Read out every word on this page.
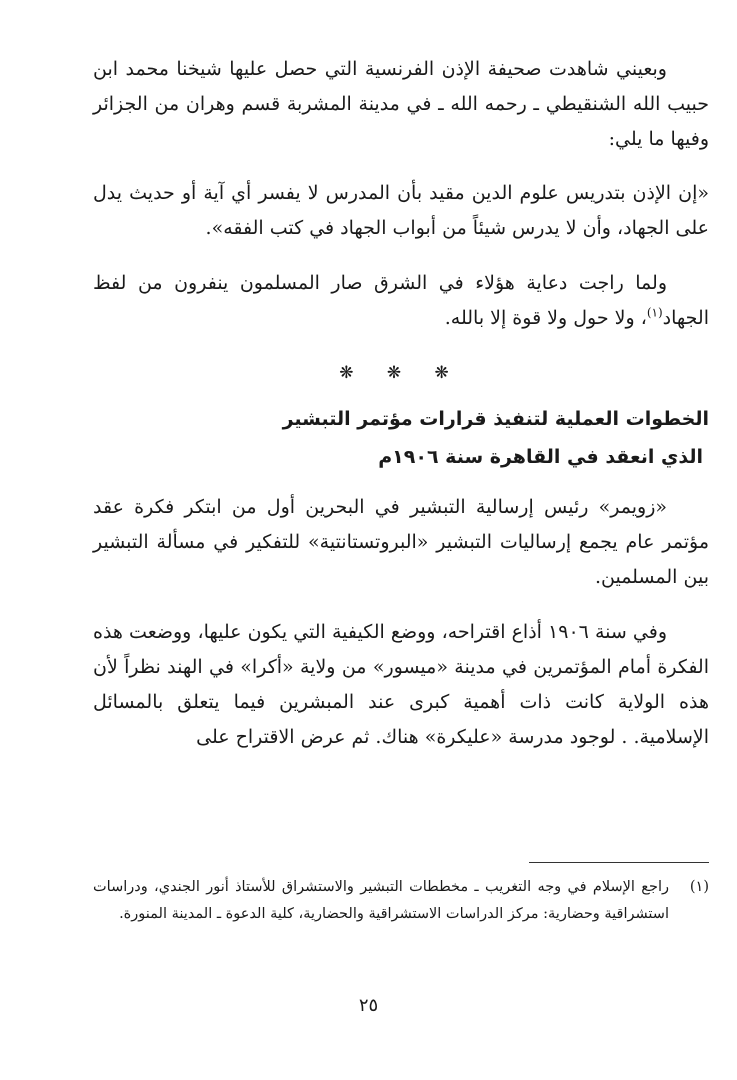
وبعيني شاهدت صحيفة الإذن الفرنسية التي حصل عليها شيخنا محمد ابن حبيب الله الشنقيطي ـ رحمه الله ـ في مدينة المشربة قسم وهران من الجزائر وفيها ما يلي:

«إن الإذن بتدريس علوم الدين مقيد بأن المدرس لا يفسر أي آية أو حديث يدل على الجهاد، وأن لا يدرس شيئاً من أبواب الجهاد في كتب الفقه».

ولما راجت دعاية هؤلاء في الشرق صار المسلمون ينفرون من لفظ الجهاد$^{(١)}$، ولا حول ولا قوة إلا بالله.

❋ ❋ ❋

الخطوات العملية لتنفيذ قرارات مؤتمر التبشير

الذي انعقد في القاهرة سنة ١٩٠٦م

«زويمر» رئيس إرسالية التبشير في البحرين أول من ابتكر فكرة عقد مؤتمر عام يجمع إرساليات التبشير «البروتستانتية» للتفكير في مسألة التبشير بين المسلمين.

وفي سنة ١٩٠٦ أذاع اقتراحه، ووضع الكيفية التي يكون عليها، ووضعت هذه الفكرة أمام المؤتمرين في مدينة «ميسور» من ولاية «أكرا» في الهند نظراً لأن هذه الولاية كانت ذات أهمية كبرى عند المبشرين فيما يتعلق بالمسائل الإسلامية. . لوجود مدرسة «عليكرة» هناك. ثم عرض الاقتراح على

(١)
راجع الإسلام في وجه التغريب ـ مخططات التبشير والاستشراق للأستاذ أنور الجندي، ودراسات استشراقية وحضارية: مركز الدراسات الاستشراقية والحضارية، كلية الدعوة ـ المدينة المنورة.
٢٥
